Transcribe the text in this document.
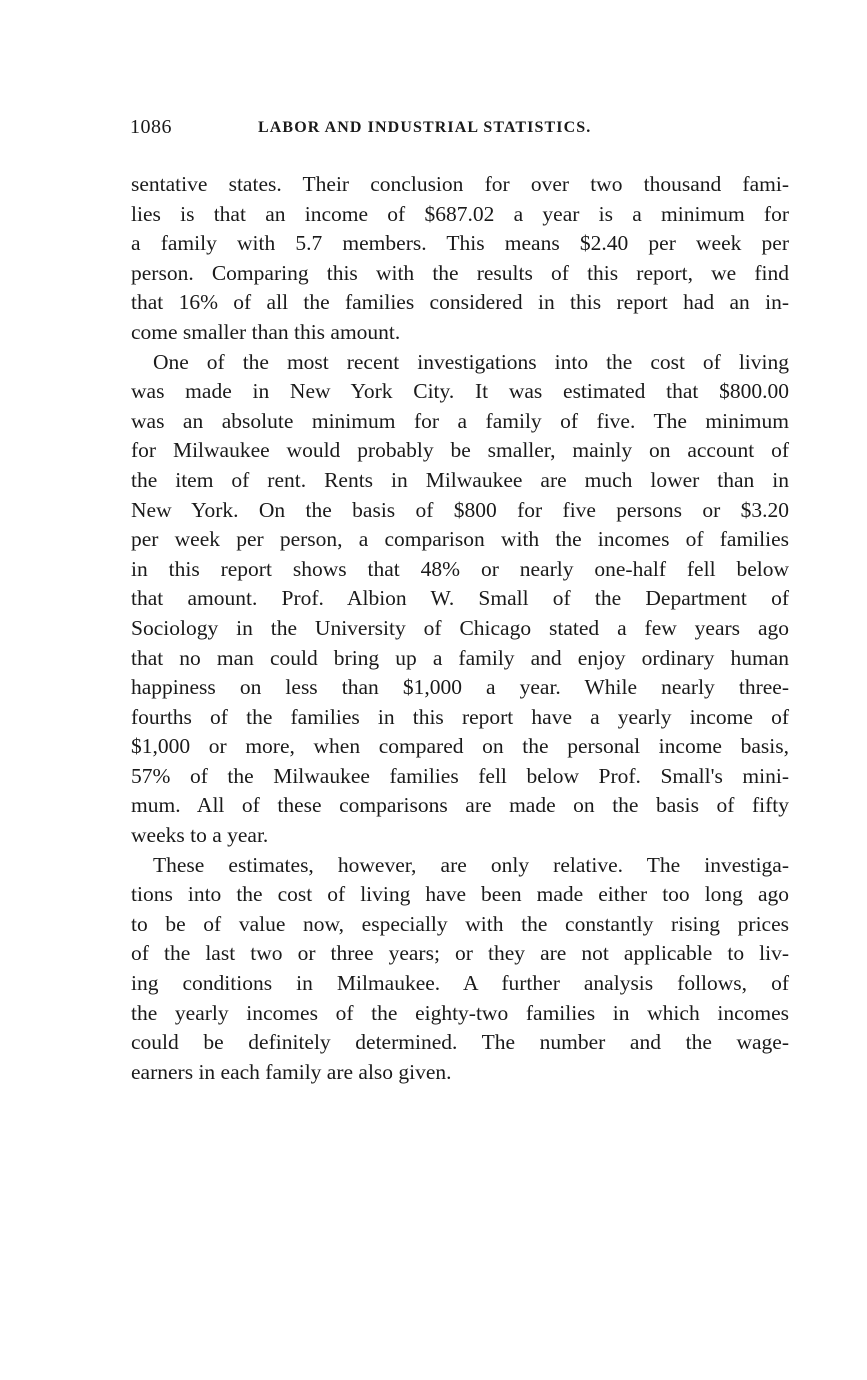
1086	LABOR AND INDUSTRIAL STATISTICS.
sentative states. Their conclusion for over two thousand fami-
lies is that an income of $687.02 a year is a minimum for
a family with 5.7 members. This means $2.40 per week per
person. Comparing this with the results of this report, we find
that 16% of all the families considered in this report had an in-
come smaller than this amount.
One of the most recent investigations into the cost of living
was made in New York City. It was estimated that $800.00
was an absolute minimum for a family of five. The minimum
for Milwaukee would probably be smaller, mainly on account of
the item of rent. Rents in Milwaukee are much lower than in
New York. On the basis of $800 for five persons or $3.20
per week per person, a comparison with the incomes of families
in this report shows that 48% or nearly one-half fell below
that amount. Prof. Albion W. Small of the Department of
Sociology in the University of Chicago stated a few years ago
that no man could bring up a family and enjoy ordinary human
happiness on less than $1,000 a year. While nearly three-
fourths of the families in this report have a yearly income of
$1,000 or more, when compared on the personal income basis,
57% of the Milwaukee families fell below Prof. Small's mini-
mum. All of these comparisons are made on the basis of fifty
weeks to a year.
These estimates, however, are only relative. The investiga-
tions into the cost of living have been made either too long ago
to be of value now, especially with the constantly rising prices
of the last two or three years; or they are not applicable to liv-
ing conditions in Milmaukee. A further analysis follows, of
the yearly incomes of the eighty-two families in which incomes
could be definitely determined. The number and the wage-
earners in each family are also given.
